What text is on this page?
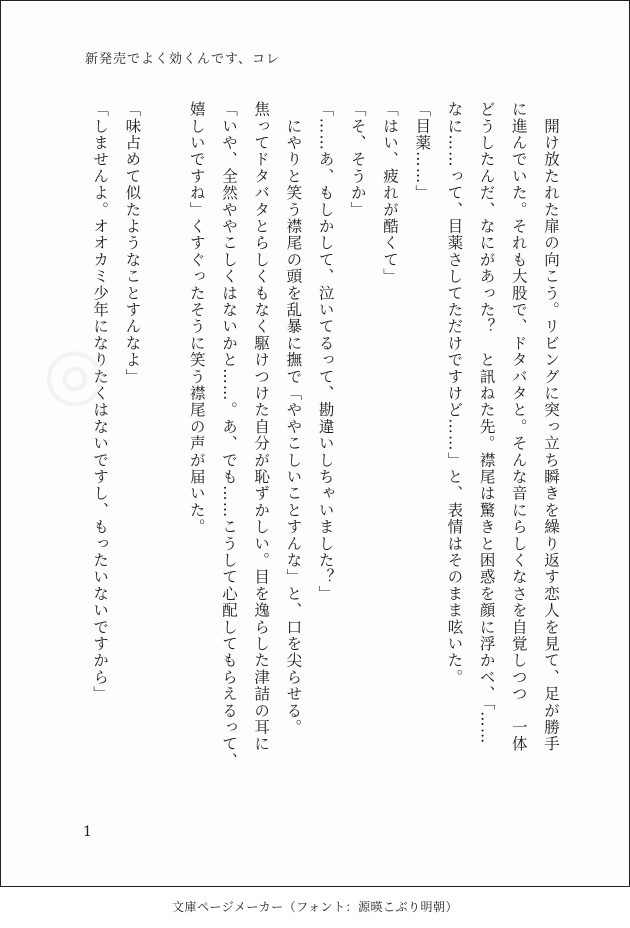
新発売でよく効くんです、コレ

　開け放たれた扉の向こう。リビングに突っ立ち瞬きを繰り返す恋人を見て、足が勝手

に進んでいた。それも大股で、ドタバタと。そんな音にらしくなさを自覚しつつ　一体

どうしたんだ、なにがあった？　と訊ねた先。襟尾は驚きと困惑を顔に浮かべ、「……

なに……って、目薬さしてただけですけど……」と、表情はそのまま呟いた。

「目薬……」

「はい、疲れが酷くて」

「そ、そうか」

「……あ、もしかして、泣いてるって、勘違いしちゃいました？」

　にやりと笑う襟尾の頭を乱暴に撫で「ややこしいことすんな」と、口を尖らせる。

焦ってドタバタとらしくもなく駆けつけた自分が恥ずかしい。目を逸らした津詰の耳に

「いや、全然ややこしくはないかと……。あ、でも……こうして心配してもらえるって、

嬉しいですね」くすぐったそうに笑う襟尾の声が届いた。

「味占めて似たようなことすんなよ」

「しませんよ。オオカミ少年になりたくはないですし、もったいないですから」

◎
1
文庫ページメーカー（フォント：源暎こぶり明朝）
